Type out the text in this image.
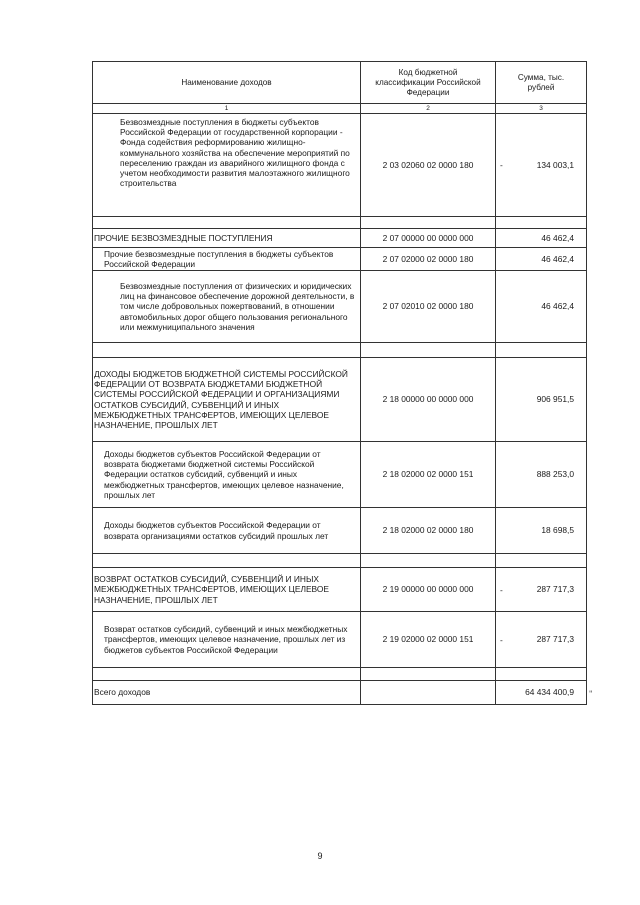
Наименование доходов	Код бюджетной классификации Российской Федерации	Сумма, тыс. рублей
1	2	3
Безвозмездные поступления в бюджеты субъектов Российской Федерации от государственной корпорации - Фонда содействия реформированию жилищно-коммунального хозяйства на обеспечение мероприятий по переселению граждан из аварийного жилищного фонда с учетом необходимости развития малоэтажного жилищного строительства	2 03 02060 02 0000 180	- 134 003,1

ПРОЧИЕ БЕЗВОЗМЕЗДНЫЕ ПОСТУПЛЕНИЯ	2 07 00000 00 0000 000	46 462,4

Прочие безвозмездные поступления в бюджеты субъектов Российской Федерации	2 07 02000 02 0000 180	46 462,4

Безвозмездные поступления от физических и юридических лиц на финансовое обеспечение дорожной деятельности, в том числе добровольных пожертвований, в отношении автомобильных дорог общего пользования регионального или межмуниципального значения	2 07 02010 02 0000 180	46 462,4

ДОХОДЫ БЮДЖЕТОВ БЮДЖЕТНОЙ СИСТЕМЫ РОССИЙСКОЙ ФЕДЕРАЦИИ ОТ ВОЗВРАТА БЮДЖЕТАМИ БЮДЖЕТНОЙ СИСТЕМЫ РОССИЙСКОЙ ФЕДЕРАЦИИ И ОРГАНИЗАЦИЯМИ ОСТАТКОВ СУБСИДИЙ, СУБВЕНЦИЙ И ИНЫХ МЕЖБЮДЖЕТНЫХ ТРАНСФЕРТОВ, ИМЕЮЩИХ ЦЕЛЕВОЕ НАЗНАЧЕНИЕ, ПРОШЛЫХ ЛЕТ	2 18 00000 00 0000 000	906 951,5

Доходы бюджетов субъектов Российской Федерации от возврата бюджетами бюджетной системы Российской Федерации остатков субсидий, субвенций и иных межбюджетных трансфертов, имеющих целевое назначение, прошлых лет	2 18 02000 02 0000 151	888 253,0

Доходы бюджетов субъектов Российской Федерации от возврата организациями остатков субсидий прошлых лет	2 18 02000 02 0000 180	18 698,5

ВОЗВРАТ ОСТАТКОВ СУБСИДИЙ, СУБВЕНЦИЙ И ИНЫХ МЕЖБЮДЖЕТНЫХ ТРАНСФЕРТОВ, ИМЕЮЩИХ ЦЕЛЕВОЕ НАЗНАЧЕНИЕ, ПРОШЛЫХ ЛЕТ	2 19 00000 00 0000 000	- 287 717,3

Возврат остатков субсидий, субвенций и иных межбюджетных трансфертов, имеющих целевое назначение, прошлых лет из бюджетов субъектов Российской Федерации	2 19 02000 02 0000 151	- 287 717,3

Всего доходов		64 434 400,9	"
9
